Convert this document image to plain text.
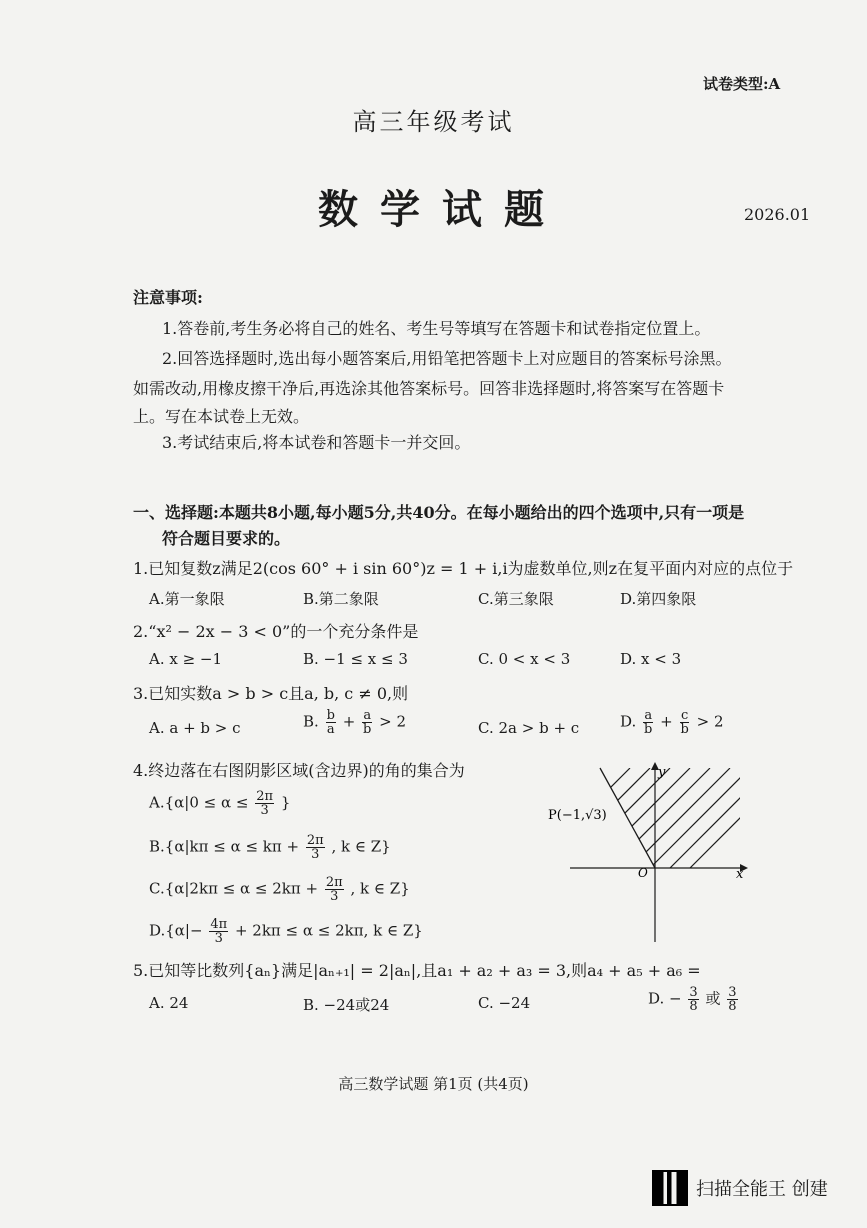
试卷类型:A
高三年级考试
数学试题	2026.01
注意事项:
1.答卷前,考生务必将自己的姓名、考生号等填写在答题卡和试卷指定位置上。
2.回答选择题时,选出每小题答案后,用铅笔把答题卡上对应题目的答案标号涂黑。
如需改动,用橡皮擦干净后,再选涂其他答案标号。回答非选择题时,将答案写在答题卡
上。写在本试卷上无效。
3.考试结束后,将本试卷和答题卡一并交回。
一、选择题:本题共8小题,每小题5分,共40分。在每小题给出的四个选项中,只有一项是
符合题目要求的。
1.已知复数z满足2(cos 60° + i sin 60°)z = 1 + i,i为虚数单位,则z在复平面内对应的点位于
A.第一象限	B.第二象限	C.第三象限	D.第四象限
2.“x² − 2x − 3 < 0”的一个充分条件是
A. x ≥ −1	B. −1 ≤ x ≤ 3	C. 0 < x < 3	D. x < 3
3.已知实数a > b > c且a, b, c ≠ 0,则
A. a + b > c	B. $\frac{b}{a} + \frac{a}{b} > 2$	C. 2a > b + c	D. $\frac{a}{b} + \frac{c}{b} > 2$
4.终边落在右图阴影区域(含边界)的角的集合为
$A.\{\alpha|0 \le \alpha \le \frac{2\pi}{3}$ }
$B.\{\alpha|k\pi \le \alpha \le k\pi + \frac{2\pi}{3}$ , k ∈ Z}
$C.\{\alpha|2k\pi \le \alpha \le 2k\pi + \frac{2\pi}{3}$ , k ∈ Z}
$D.\{\alpha|- \frac{4\pi}{3} + 2k\pi \le \alpha \le 2k\pi$, k ∈ Z}
y
x
O
P(−1,√3)
5.已知等比数列{aₙ}满足|aₙ₊₁| = 2|aₙ|,且a₁ + a₂ + a₃ = 3,则a₄ + a₅ + a₆ =
A. 24	B. −24或24	C. −24	D. − $\frac{3}{8}$ 或 $\frac{3}{8}$
高三数学试题 第1页 (共4页)
扫描全能王 创建
